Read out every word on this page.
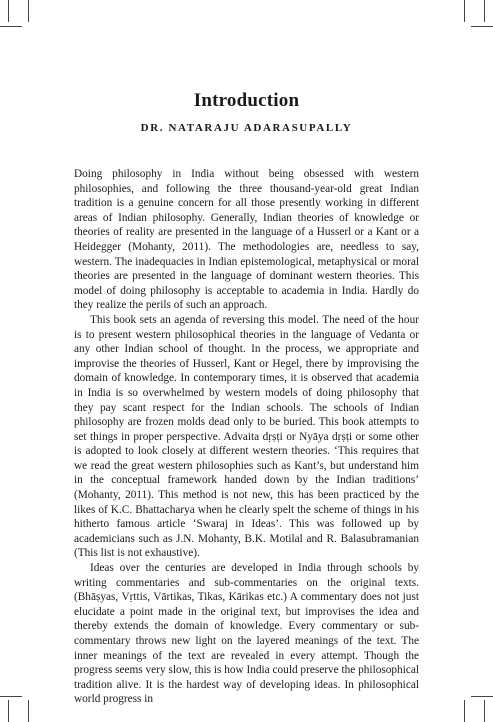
Introduction
DR. NATARAJU ADARASUPALLY

Doing philosophy in India without being obsessed with western philosophies, and following the three thousand-year-old great Indian tradition is a genuine concern for all those presently working in different areas of Indian philosophy. Generally, Indian theories of knowledge or theories of reality are presented in the language of a Husserl or a Kant or a Heidegger (Mohanty, 2011). The methodologies are, needless to say, western. The inadequacies in Indian epistemological, metaphysical or moral theories are presented in the language of dominant western theories. This model of doing philosophy is acceptable to academia in India. Hardly do they realize the perils of such an approach.

This book sets an agenda of reversing this model. The need of the hour is to present western philosophical theories in the language of Vedanta or any other Indian school of thought. In the process, we appropriate and improvise the theories of Husserl, Kant or Hegel, there by improvising the domain of knowledge. In contemporary times, it is observed that academia in India is so overwhelmed by western models of doing philosophy that they pay scant respect for the Indian schools. The schools of Indian philosophy are frozen molds dead only to be buried. This book attempts to set things in proper perspective. Advaita dṛṣṭi or Nyāya dṛṣṭi or some other is adopted to look closely at different western theories. ‘This requires that we read the great western philosophies such as Kant’s, but understand him in the conceptual framework handed down by the Indian traditions’ (Mohanty, 2011). This method is not new, this has been practiced by the likes of K.C. Bhattacharya when he clearly spelt the scheme of things in his hitherto famous article ‘Swaraj in Ideas’. This was followed up by academicians such as J.N. Mohanty, B.K. Motilal and R. Balasubramanian (This list is not exhaustive).

Ideas over the centuries are developed in India through schools by writing commentaries and sub-commentaries on the original texts. (Bhāṣyas, Vṛttis, Vārtikas, Tikas, Kārikas etc.) A commentary does not just elucidate a point made in the original text, but improvises the idea and thereby extends the domain of knowledge. Every commentary or sub-commentary throws new light on the layered meanings of the text. The inner meanings of the text are revealed in every attempt. Though the progress seems very slow, this is how India could preserve the philosophical tradition alive. It is the hardest way of developing ideas. In philosophical world progress in
